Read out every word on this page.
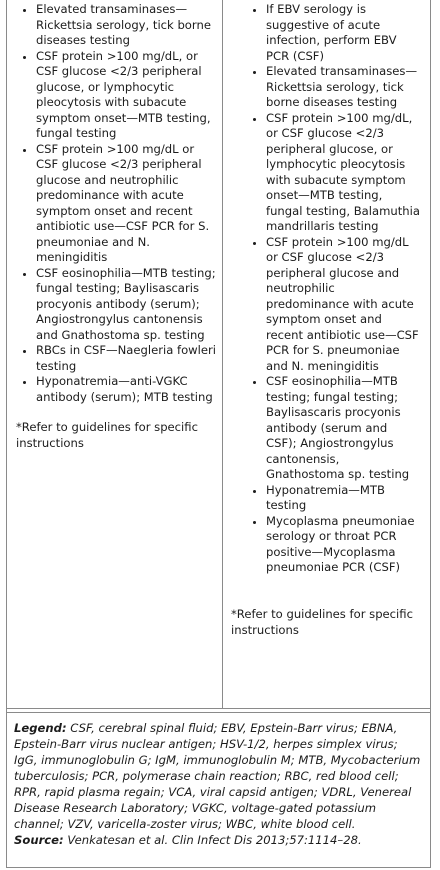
• Elevated transaminases—Rickettsia serology, tick borne diseases testing
• CSF protein >100 mg/dL, or CSF glucose <2/3 peripheral glucose, or lymphocytic pleocytosis with subacute symptom onset—MTB testing, fungal testing
• CSF protein >100 mg/dL or CSF glucose <2/3 peripheral glucose and neutrophilic predominance with acute symptom onset and recent antibiotic use—CSF PCR for S. pneumoniae and N. meningiditis
• CSF eosinophilia—MTB testing; fungal testing; Baylisascaris procyonis antibody (serum); Angiostrongylus cantonensis and Gnathostoma sp. testing
• RBCs in CSF—Naegleria fowleri testing
• Hyponatremia—anti-VGKC antibody (serum); MTB testing

*Refer to guidelines for specific instructions

• If EBV serology is suggestive of acute infection, perform EBV PCR (CSF)
• Elevated transaminases—Rickettsia serology, tick borne diseases testing
• CSF protein >100 mg/dL, or CSF glucose <2/3 peripheral glucose, or lymphocytic pleocytosis with subacute symptom onset—MTB testing, fungal testing, Balamuthia mandrillaris testing
• CSF protein >100 mg/dL or CSF glucose <2/3 peripheral glucose and neutrophilic predominance with acute symptom onset and recent antibiotic use—CSF PCR for S. pneumoniae and N. meningiditis
• CSF eosinophilia—MTB testing; fungal testing; Baylisascaris procyonis antibody (serum and CSF); Angiostrongylus cantonensis, Gnathostoma sp. testing
• Hyponatremia—MTB testing
• Mycoplasma pneumoniae serology or throat PCR positive—Mycoplasma pneumoniae PCR (CSF)

*Refer to guidelines for specific instructions

Legend: CSF, cerebral spinal fluid; EBV, Epstein-Barr virus; EBNA, Epstein-Barr virus nuclear antigen; HSV-1/2, herpes simplex virus; IgG, immunoglobulin G; IgM, immunoglobulin M; MTB, Mycobacterium tuberculosis; PCR, polymerase chain reaction; RBC, red blood cell; RPR, rapid plasma regain; VCA, viral capsid antigen; VDRL, Venereal Disease Research Laboratory; VGKC, voltage-gated potassium channel; VZV, varicella-zoster virus; WBC, white blood cell.
Source: Venkatesan et al. Clin Infect Dis 2013;57:1114–28.
